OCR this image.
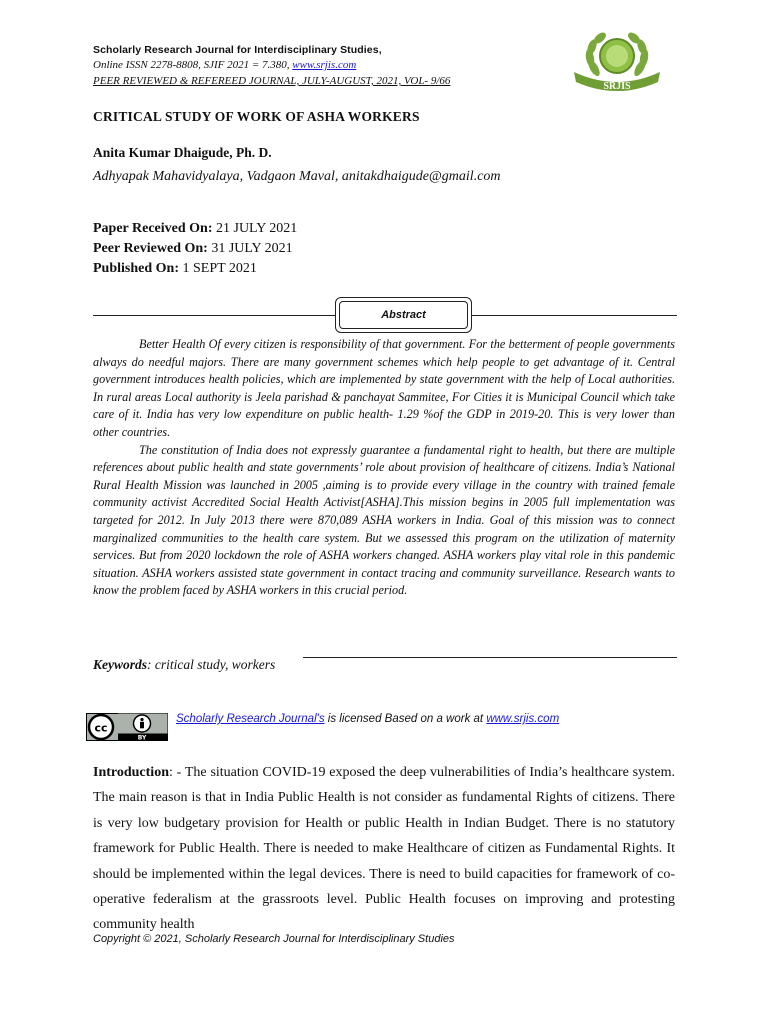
Scholarly Research Journal for Interdisciplinary Studies,
Online ISSN 2278-8808, SJIF 2021 = 7.380, www.srjis.com
PEER REVIEWED & REFEREED JOURNAL, JULY-AUGUST, 2021, VOL- 9/66	SRJIS
CRITICAL STUDY OF WORK OF ASHA WORKERS
Anita Kumar Dhaigude, Ph. D.
Adhyapak Mahavidyalaya, Vadgaon Maval, anitakdhaigude@gmail.com
Paper Received On: 21 JULY 2021
Peer Reviewed On: 31 JULY 2021
Published On: 1 SEPT 2021
Abstract

Better Health Of every citizen is responsibility of that government. For the betterment of people governments always do needful majors. There are many government schemes which help people to get advantage of it. Central government introduces health policies, which are implemented by state government with the help of Local authorities. In rural areas Local authority is Jeela parishad & panchayat Sammitee, For Cities it is Municipal Council which take care of it. India has very low expenditure on public health- 1.29 %of the GDP in 2019-20. This is very lower than other countries.

The constitution of India does not expressly guarantee a fundamental right to health, but there are multiple references about public health and state governments’ role about provision of healthcare of citizens. India’s National Rural Health Mission was launched in 2005 ,aiming is to provide every village in the country with trained female community activist Accredited Social Health Activist[ASHA].This mission begins in 2005 full implementation was targeted for 2012. In July 2013 there were 870,089 ASHA workers in India. Goal of this mission was to connect marginalized communities to the health care system. But we assessed this program on the utilization of maternity services. But from 2020 lockdown the role of ASHA workers changed. ASHA workers play vital role in this pandemic situation. ASHA workers assisted state government in contact tracing and community surveillance. Research wants to know the problem faced by ASHA workers in this crucial period.

Keywords: critical study, workers
BY
cc
Scholarly Research Journal's is licensed Based on a work at www.srjis.com
Introduction: - The situation COVID-19 exposed the deep vulnerabilities of India’s healthcare system. The main reason is that in India Public Health is not consider as fundamental Rights of citizens. There is very low budgetary provision for Health or public Health in Indian Budget. There is no statutory framework for Public Health. There is needed to make Healthcare of citizen as Fundamental Rights. It should be implemented within the legal devices. There is need to build capacities for framework of co-operative federalism at the grassroots level. Public Health focuses on improving and protesting community health
Copyright © 2021, Scholarly Research Journal for Interdisciplinary Studies
